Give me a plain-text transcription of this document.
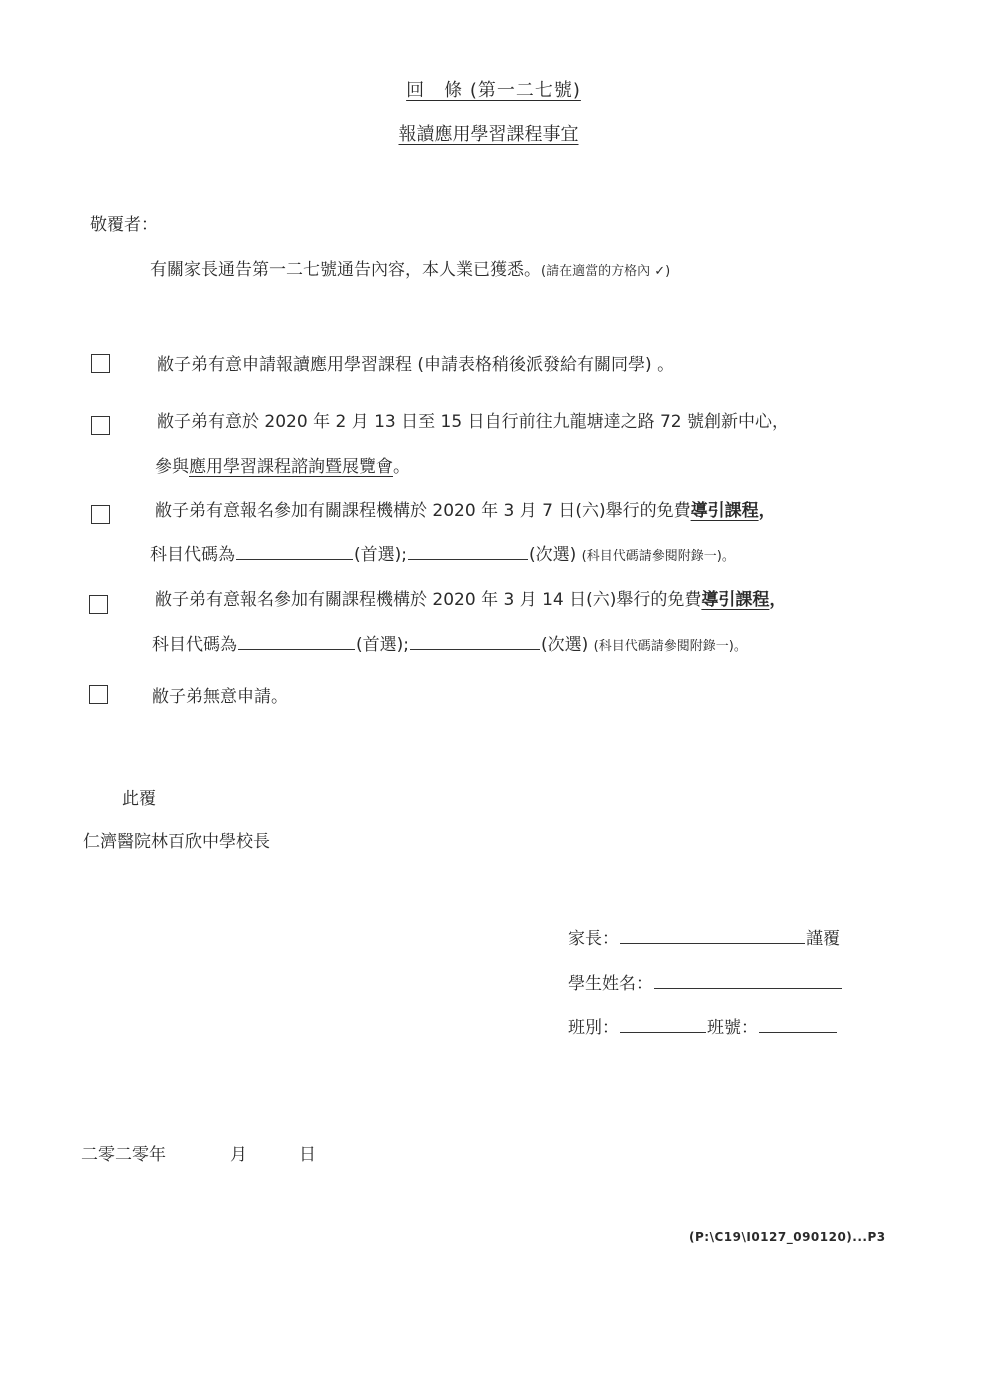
回　條 (第一二七號)
報讀應用學習課程事宜
敬覆者：
有關家長通告第一二七號通告內容，本人業已獲悉。(請在適當的方格內 ✓)
敝子弟有意申請報讀應用學習課程 (申請表格稍後派發給有關同學) 。
敝子弟有意於 2020 年 2 月 13 日至 15 日自行前往九龍塘達之路 72 號創新中心，
參與應用學習課程諮詢暨展覽會。
敝子弟有意報名參加有關課程機構於 2020 年 3 月 7 日(六)舉行的免費導引課程，
科目代碼為	(首選);	(次選) (科目代碼請參閱附錄一)。
敝子弟有意報名參加有關課程機構於 2020 年 3 月 14 日(六)舉行的免費導引課程，
科目代碼為	(首選);	(次選) (科目代碼請參閱附錄一)。
敝子弟無意申請。
此覆
仁濟醫院林百欣中學校長
家長：	謹覆
學生姓名：
班別：	班號：
二零二零年	月	日
(P:\C19\I0127_090120)...P3
